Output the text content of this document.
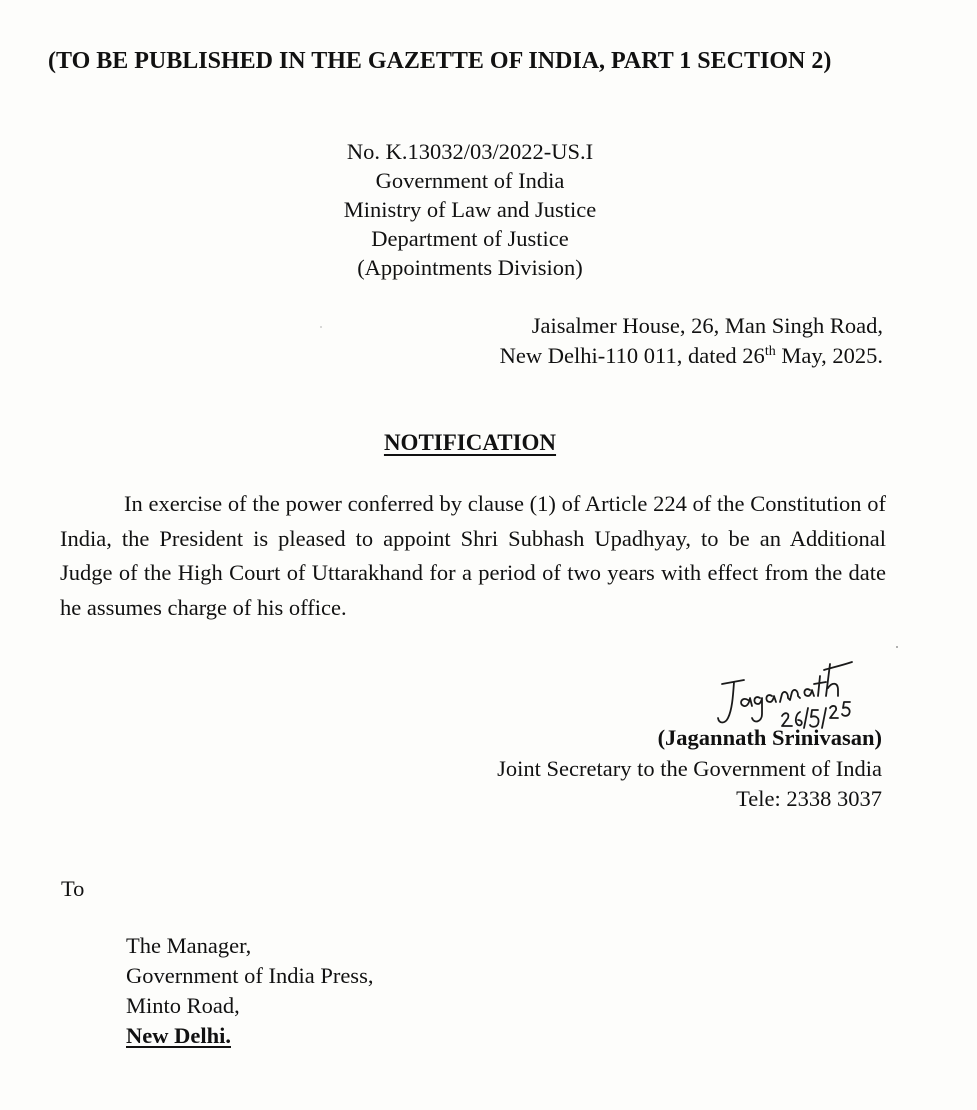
(TO BE PUBLISHED IN THE GAZETTE OF INDIA, PART 1 SECTION 2)
No. K.13032/03/2022-US.I
Government of India
Ministry of Law and Justice
Department of Justice
(Appointments Division)
Jaisalmer House, 26, Man Singh Road,
New Delhi-110 011, dated 26th May, 2025.
NOTIFICATION
In exercise of the power conferred by clause (1) of Article 224 of the Constitution of India, the President is pleased to appoint Shri Subhash Upadhyay, to be an Additional Judge of the High Court of Uttarakhand for a period of two years with effect from the date he assumes charge of his office.
(Jagannath Srinivasan)
Joint Secretary to the Government of India
Tele: 2338 3037
To
The Manager,
Government of India Press,
Minto Road,
New Delhi.
